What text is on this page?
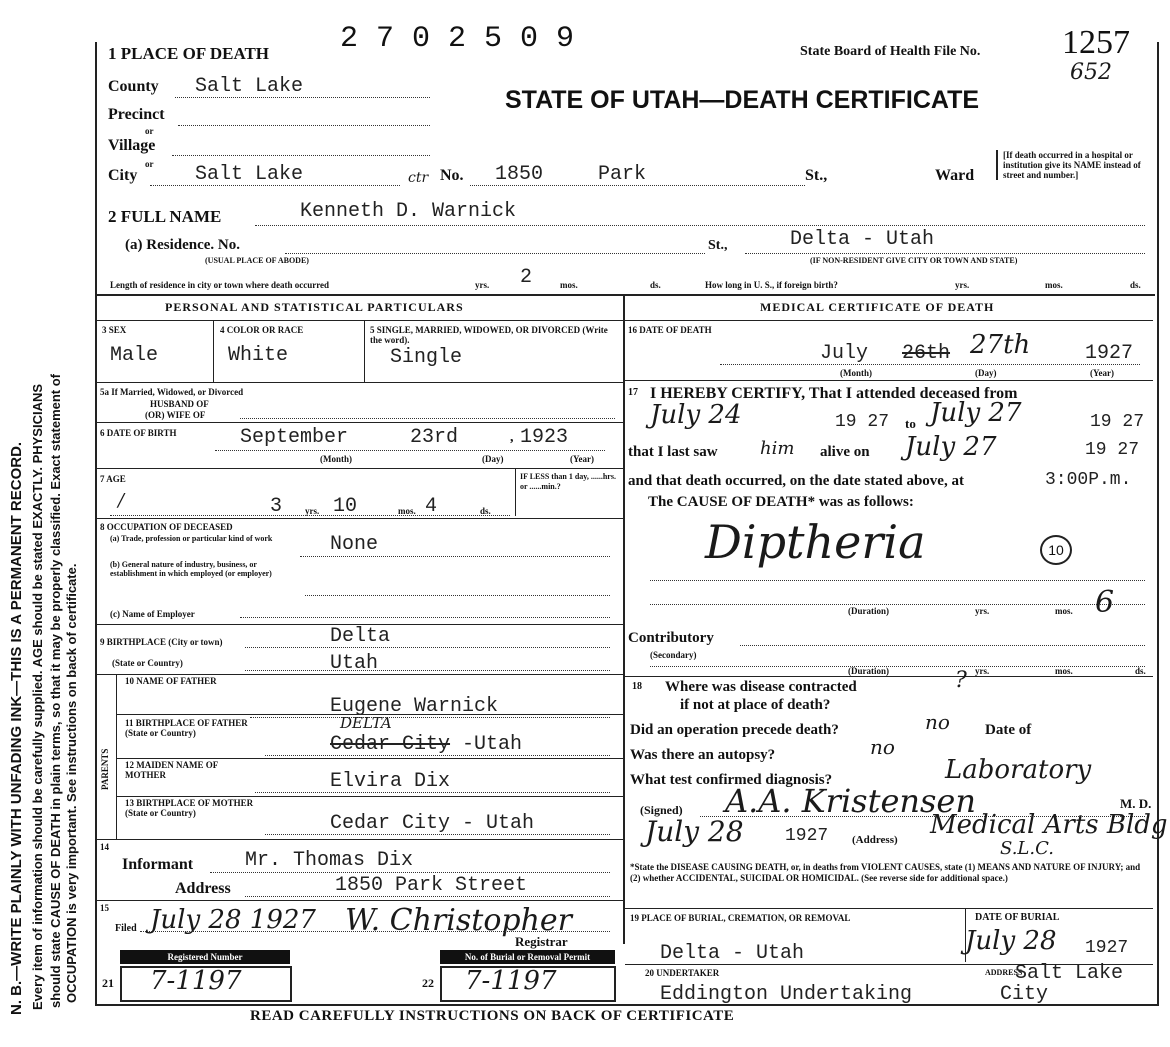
N. B.—WRITE PLAINLY WITH UNFADING INK—THIS IS A PERMANENT RECORD. Every item of information should be carefully supplied. AGE should be stated EXACTLY. PHYSICIANS should state CAUSE OF DEATH in plain terms, so that it may be properly classified. Exact statement of OCCUPATION is very important. See instructions on back of certificate.
1 PLACE OF DEATH 2 7 0 2 5 0 9	State Board of Health File No. 1257
652
STATE OF UTAH—DEATH CERTIFICATE
County Salt Lake
Precinct
or
Village
or
City	Salt Lake	ctr No. 1850	Park	St.,	Ward
[If death occurred in a hospital or institution give its NAME instead of street and number.]
2 FULL NAME	Kenneth D. Warnick
(a) Residence. No.
(USUAL PLACE OF ABODE)
St.,	Delta - Utah
(IF NON-RESIDENT GIVE CITY OR TOWN AND STATE)
Length of residence in city or town where death occurred	yrs. 2	mos.	ds.	How long in U. S., if foreign birth?	yrs.	mos.	ds.
PERSONAL AND STATISTICAL PARTICULARS	MEDICAL CERTIFICATE OF DEATH
3 SEX
Male
4 COLOR OR RACE
White
5 SINGLE, MARRIED, WIDOWED, OR DIVORCED (Write the word).
Single
5a If Married, Widowed, or Divorced
HUSBAND OF
(OR) WIFE OF
6 DATE OF BIRTH	September	23rd	, 1923
(Month)	(Day)	(Year)
7 AGE
/	3	yrs. 10	mos. 4	ds.
IF LESS than 1 day, ......hrs. or ......min.?
8 OCCUPATION OF DECEASED
(a) Trade, profession or particular kind of work	None
(b) General nature of industry, business, or establishment in which employed (or employer)
(c) Name of Employer
9 BIRTHPLACE (City or town)	Delta
(State or Country)	Utah
PARENTS
10 NAME OF FATHER
Eugene Warnick
11 BIRTHPLACE OF FATHER (State or Country)
DELTA
Cedar City -Utah
12 MAIDEN NAME OF MOTHER	Elvira Dix
13 BIRTHPLACE OF MOTHER (State or Country)	Cedar City - Utah
14
Informant	Mr. Thomas Dix
Address	1850 Park Street
15
Filed July 28 1927 W. Christopher
Registrar
Registered Number	No. of Burial or Removal Permit
21 7-1197	22 7-1197
16 DATE OF DEATH
July 26th 27th	1927
(Month)	(Day)	(Year)
17 I HEREBY CERTIFY, That I attended deceased from
July 24	19 27 to July 27	19 27
that I last saw him alive on July 27	19 27
and that death occurred, on the date stated above, at	3:00P.m.
The CAUSE OF DEATH* was as follows:
Diptheria	10
(Duration)	yrs.	mos. 6
Contributory
(Secondary)
(Duration)	yrs.	mos.	ds.
18 Where was disease contracted	?
if not at place of death?
Did an operation precede death?	no Date of
Was there an autopsy?	no
What test confirmed diagnosis?	Laboratory
(Signed) A.A. Kristensen	M. D.
July 28 1927 (Address) Medical Arts Bldg
S.L.C.
*State the DISEASE CAUSING DEATH, or, in deaths from VIOLENT CAUSES, state (1) MEANS AND NATURE OF INJURY; and (2) whether ACCIDENTAL, SUICIDAL OR HOMICIDAL. (See reverse side for additional space.)
19 PLACE OF BURIAL, CREMATION, OR REMOVAL
Delta - Utah
DATE OF BURIAL
July 28 1927
20 UNDERTAKER
Eddington Undertaking
ADDRESS
Salt Lake
City
READ CAREFULLY INSTRUCTIONS ON BACK OF CERTIFICATE
